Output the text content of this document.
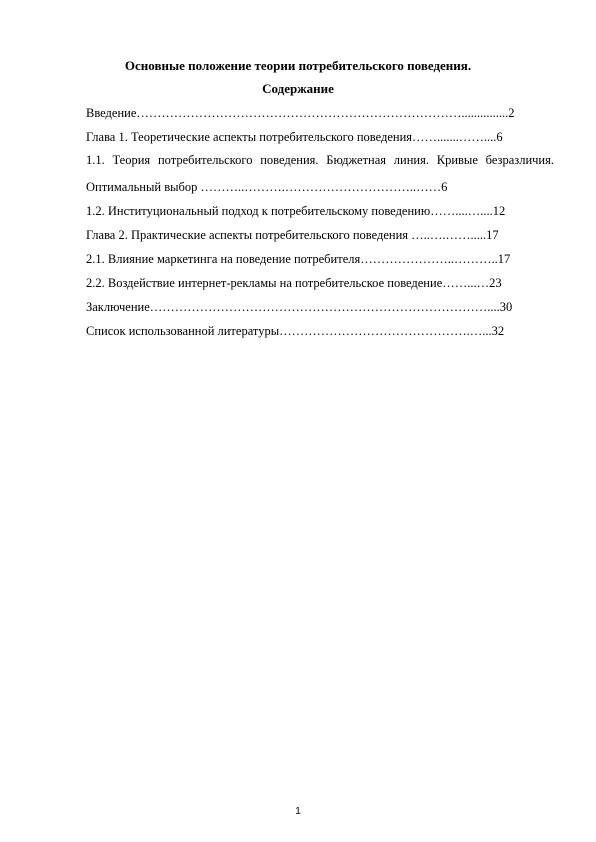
Основные положение теории потребительского поведения.
Содержание
Введение……………………………………………………………………...............2
Глава 1. Теоретические аспекты потребительского поведения…….......……....6
1.1. Теория потребительского поведения. Бюджетная линия. Кривые безразличия. Оптимальный выбор ………..……….…………………………..……6
1.2. Институциональный подход к потребительскому поведению……....…....12
Глава 2. Практические аспекты потребительского поведения …..….…….....17
2.1. Влияние маркетинга на поведение потребителя…………………..………..17
2.2. Воздействие интернет-рекламы на потребительское поведение……...…23
Заключение………………………………………………………………………....30
Список использованной литературы……………………………………….…...32
1
